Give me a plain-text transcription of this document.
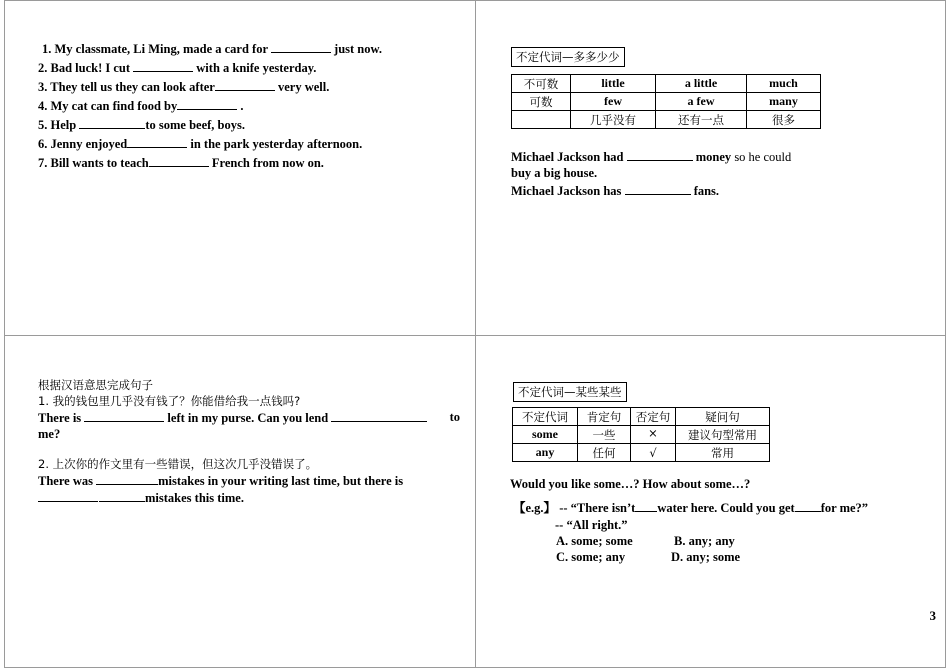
1. My classmate, Li Ming, made a card for	just now.
2. Bad luck! I cut	with a knife yesterday.
3. They tell us they can look after	very well.
4. My cat can find food by	.
5. Help	to some beef, boys.
6. Jenny enjoyed	in the park yesterday afternoon.
7. Bill wants to teach	French from now on.
不定代词—多多少少
不可数	little	a little	much
可数	few	a few	many
	几乎没有	还有一点	很多
Michael Jackson had	money so he could
buy a big house.
Michael Jackson has	fans.
根据汉语意思完成句子
1. 我的钱包里几乎没有钱了？你能借给我一点钱吗?
There is	left in my purse. Can you lend	to
me?
2. 上次你的作文里有一些错误，但这次几乎没错误了。
There was	mistakes in your writing last time, but there is
mistakes this time.
不定代词—某些某些
不定代词	肯定句	否定句	疑问句
some	一些	×	建议句型常用
any	任何	√	常用
Would you like some…? How about some…?
【e.g.】 -- “There isn’t water here. Could you get for me?”
-- “All right.”
A. some; some	B. any; any
C. some; any	D. any; some
3
